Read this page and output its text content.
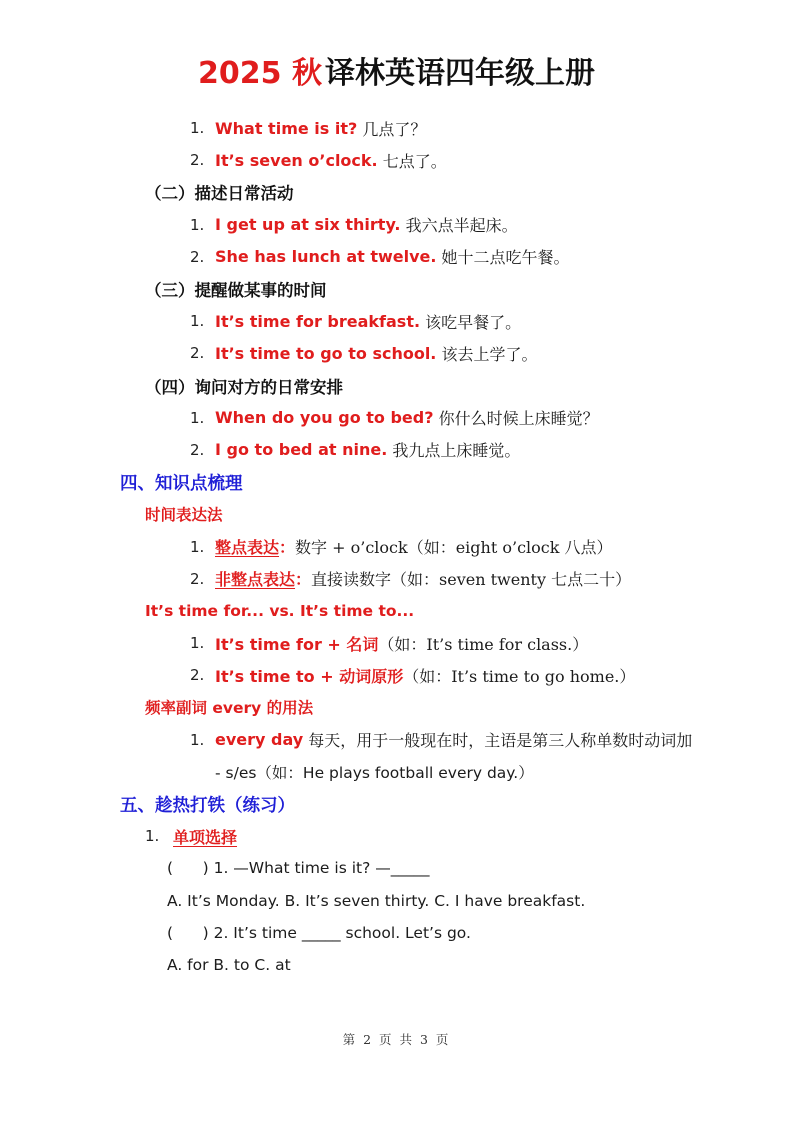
2025 秋 译林英语四年级上册
1. What time is it? 几点了？
2. It’s seven o’clock. 七点了。
（二）描述日常活动
1. I get up at six thirty. 我六点半起床。
2. She has lunch at twelve. 她十二点吃午餐。
（三）提醒做某事的时间
1. It’s time for breakfast. 该吃早餐了。
2. It’s time to go to school. 该去上学了。
（四）询问对方的日常安排
1. When do you go to bed? 你什么时候上床睡觉？
2. I go to bed at nine. 我九点上床睡觉。
四、知识点梳理
时间表达法
1. 整点表达 ： 数字 + o’clock（如：eight o’clock 八点）
2. 非整点表达 ： 直接读数字（如：seven twenty 七点二十）
It’s time for... vs. It’s time to...
1. It’s time for + 名词 （如：It’s time for class.）
2. It’s time to + 动词原形 （如：It’s time to go home.）
频率副词 every 的用法
1. every day 每天，用于一般现在时，主语是第三人称单数时动词加
- s/es（如：He plays football every day.）
五、趁热打铁（练习）
1. 单项选择
(      ) 1. —What time is it? —_____
A. It’s Monday. B. It’s seven thirty. C. I have breakfast.
(      ) 2. It’s time _____ school. Let’s go.
A. for B. to C. at
第 2 页 共 3 页
